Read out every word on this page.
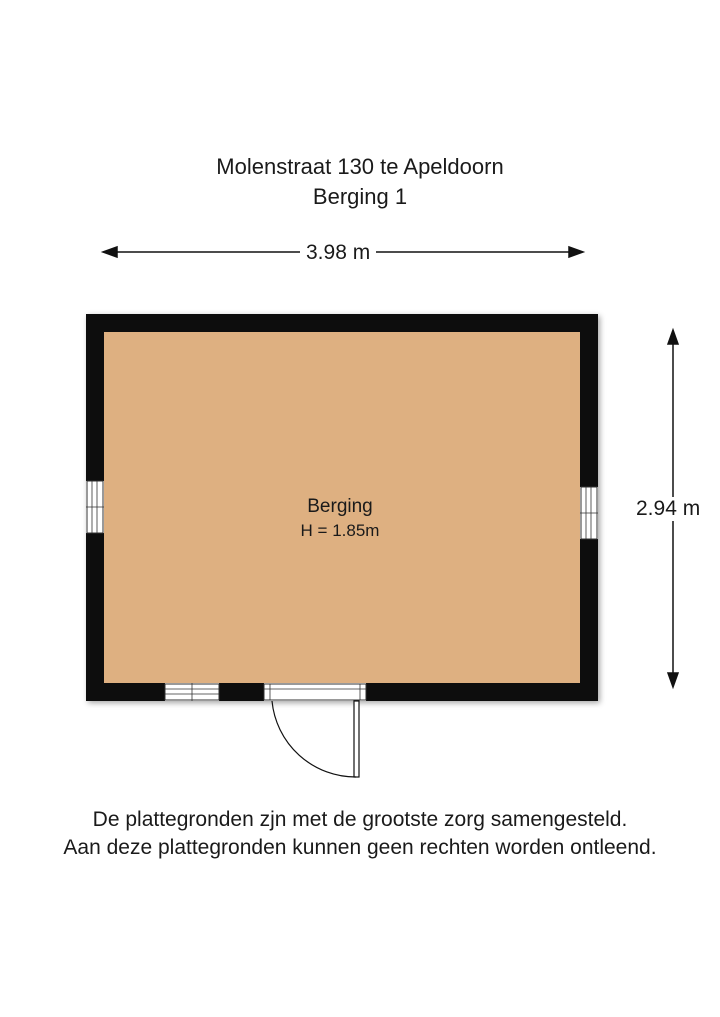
Molenstraat 130 te Apeldoorn
Berging 1
3.98 m
2.94 m
Berging
H = 1.85m
De plattegronden zjn met de grootste zorg samengesteld.
Aan deze plattegronden kunnen geen rechten worden ontleend.
